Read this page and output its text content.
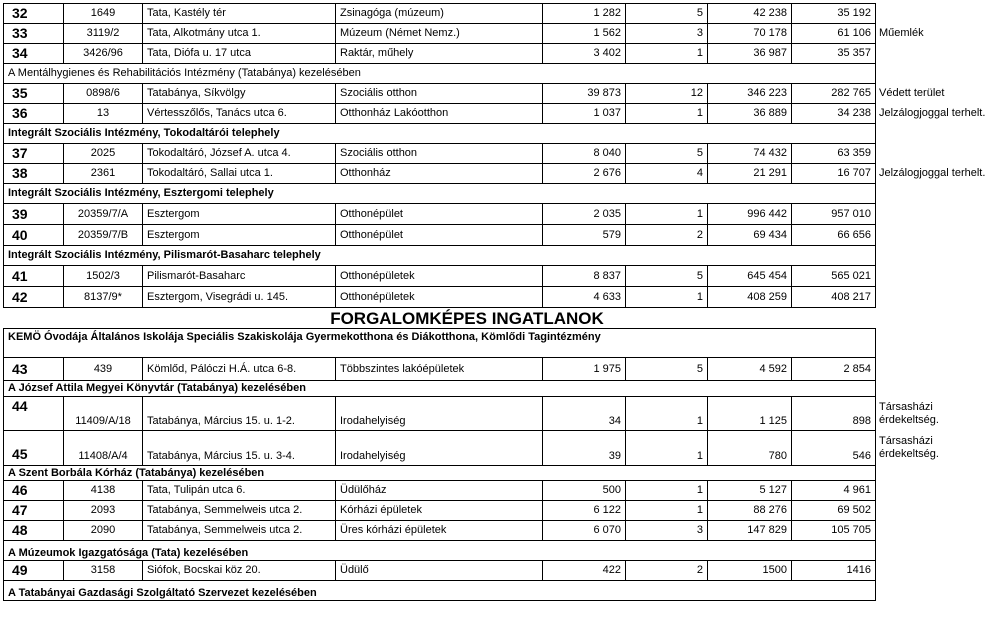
32	1649	Tata, Kastély tér	Zsinagóga (múzeum)	1 282	5	42 238	35 192	
33	3119/2	Tata, Alkotmány utca 1.	Múzeum (Német Nemz.)	1 562	3	70 178	61 106	Műemlék
34	3426/96	Tata, Diófa u. 17 utca	Raktár, műhely	3 402	1	36 987	35 357	
A Mentálhygienes és Rehabilitációs Intézmény (Tatabánya) kezelésében								
35	0898/6	Tatabánya, Síkvölgy	Szociális otthon	39 873	12	346 223	282 765	Védett terület
36	13	Vértesszőlős, Tanács utca 6.	Otthonház Lakóotthon	1 037	1	36 889	34 238	Jelzálogjoggal terhelt.
Integrált Szociális Intézmény, Tokodaltárói telephely								
37	2025	Tokodaltáró, József A. utca 4.	Szociális otthon	8 040	5	74 432	63 359	
38	2361	Tokodaltáró, Sallai utca 1.	Otthonház	2 676	4	21 291	16 707	Jelzálogjoggal terhelt.
Integrált Szociális Intézmény, Esztergomi telephely								
39	20359/7/A	Esztergom	Otthonépület	2 035	1	996 442	957 010	
40	20359/7/B	Esztergom	Otthonépület	579	2	69 434	66 656	
Integrált Szociális Intézmény, Pilismarót-Basaharc telephely								
41	1502/3	Pilismarót-Basaharc	Otthonépületek	8 837	5	645 454	565 021	
42	8137/9*	Esztergom, Visegrádi u. 145.	Otthonépületek	4 633	1	408 259	408 217	
		FORGALOMKÉPES INGATLANOK						
KEMÖ Óvodája Általános Iskolája Speciális Szakiskolája Gyermekotthona és Diákotthona, Kömlődi Tagintézmény								
43	439	Kömlőd, Pálóczi H.Á. utca 6-8.	Többszintes lakóépületek	1 975	5	4 592	2 854	
A József Attila Megyei Könyvtár (Tatabánya) kezelésében								
44	11409/A/18	Tatabánya, Március 15. u. 1-2.	Irodahelyiség	34	1	1 125	898	Társasházi érdekeltség.
45	11408/A/4	Tatabánya, Március 15. u. 3-4.	Irodahelyiség	39	1	780	546	Társasházi érdekeltség.
A Szent Borbála Kórház (Tatabánya) kezelésében								
46	4138	Tata, Tulipán utca 6.	Üdülőház	500	1	5 127	4 961	
47	2093	Tatabánya, Semmelweis utca 2.	Kórházi épületek	6 122	1	88 276	69 502	
48	2090	Tatabánya, Semmelweis utca 2.	Üres kórházi épületek	6 070	3	147 829	105 705	
A Múzeumok Igazgatósága (Tata) kezelésében								
49	3158	Siófok, Bocskai köz 20.	Üdülő	422	2	1500	1416	
A Tatabányai Gazdasági Szolgáltató Szervezet kezelésében								
